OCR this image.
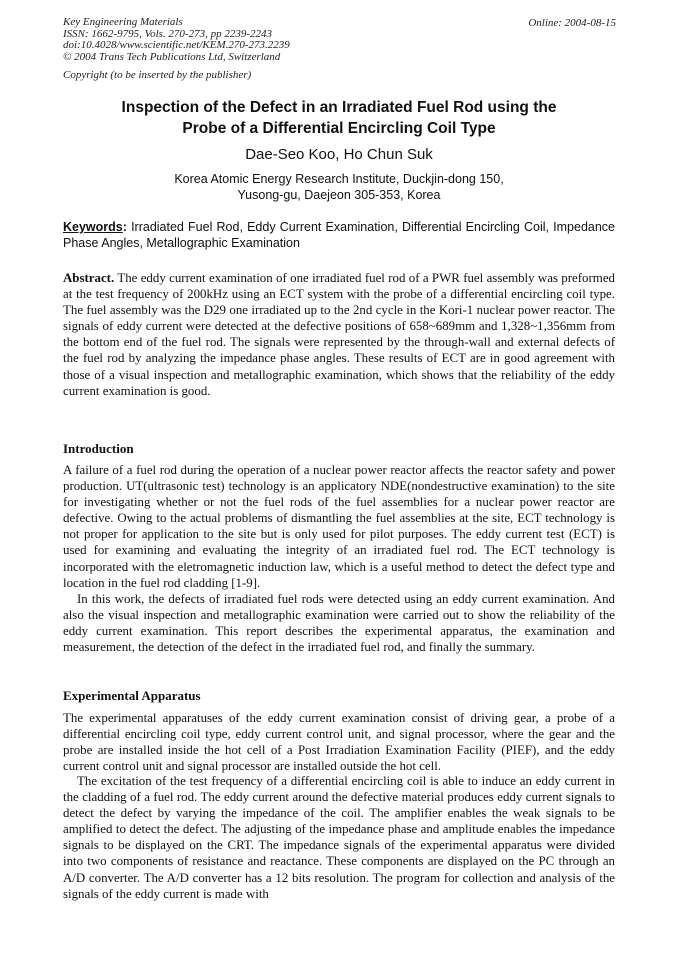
Key Engineering Materials
ISSN: 1662-9795, Vols. 270-273, pp 2239-2243
doi:10.4028/www.scientific.net/KEM.270-273.2239
© 2004 Trans Tech Publications Ltd, Switzerland
Copyright (to be inserted by the publisher)
Online: 2004-08-15
Inspection of the Defect in an Irradiated Fuel Rod using the
Probe of a Differential Encircling Coil Type
Dae-Seo Koo, Ho Chun Suk
Korea Atomic Energy Research Institute, Duckjin-dong 150,
Yusong-gu, Daejeon 305-353, Korea
Keywords: Irradiated Fuel Rod, Eddy Current Examination, Differential Encircling Coil, Impedance Phase Angles, Metallographic Examination
Abstract. The eddy current examination of one irradiated fuel rod of a PWR fuel assembly was preformed at the test frequency of 200kHz using an ECT system with the probe of a differential encircling coil type. The fuel assembly was the D29 one irradiated up to the 2nd cycle in the Kori-1 nuclear power reactor. The signals of eddy current were detected at the defective positions of 658~689mm and 1,328~1,356mm from the bottom end of the fuel rod. The signals were represented by the through-wall and external defects of the fuel rod by analyzing the impedance phase angles. These results of ECT are in good agreement with those of a visual inspection and metallographic examination, which shows that the reliability of the eddy current examination is good.
Introduction
A failure of a fuel rod during the operation of a nuclear power reactor affects the reactor safety and power production. UT(ultrasonic test) technology is an applicatory NDE(nondestructive examination) to the site for investigating whether or not the fuel rods of the fuel assemblies for a nuclear power reactor are defective. Owing to the actual problems of dismantling the fuel assemblies at the site, ECT technology is not proper for application to the site but is only used for pilot purposes. The eddy current test (ECT) is used for examining and evaluating the integrity of an irradiated fuel rod. The ECT technology is incorporated with the eletromagnetic induction law, which is a useful method to detect the defect type and location in the fuel rod cladding [1-9].
In this work, the defects of irradiated fuel rods were detected using an eddy current examination. And also the visual inspection and metallographic examination were carried out to show the reliability of the eddy current examination. This report describes the experimental apparatus, the examination and measurement, the detection of the defect in the irradiated fuel rod, and finally the summary.
Experimental Apparatus
The experimental apparatuses of the eddy current examination consist of driving gear, a probe of a differential encircling coil type, eddy current control unit, and signal processor, where the gear and the probe are installed inside the hot cell of a Post Irradiation Examination Facility (PIEF), and the eddy current control unit and signal processor are installed outside the hot cell.
The excitation of the test frequency of a differential encircling coil is able to induce an eddy current in the cladding of a fuel rod. The eddy current around the defective material produces eddy current signals to detect the defect by varying the impedance of the coil. The amplifier enables the weak signals to be amplified to detect the defect. The adjusting of the impedance phase and amplitude enables the impedance signals to be displayed on the CRT. The impedance signals of the experimental apparatus were divided into two components of resistance and reactance. These components are displayed on the PC through an A/D converter. The A/D converter has a 12 bits resolution. The program for collection and analysis of the signals of the eddy current is made with
